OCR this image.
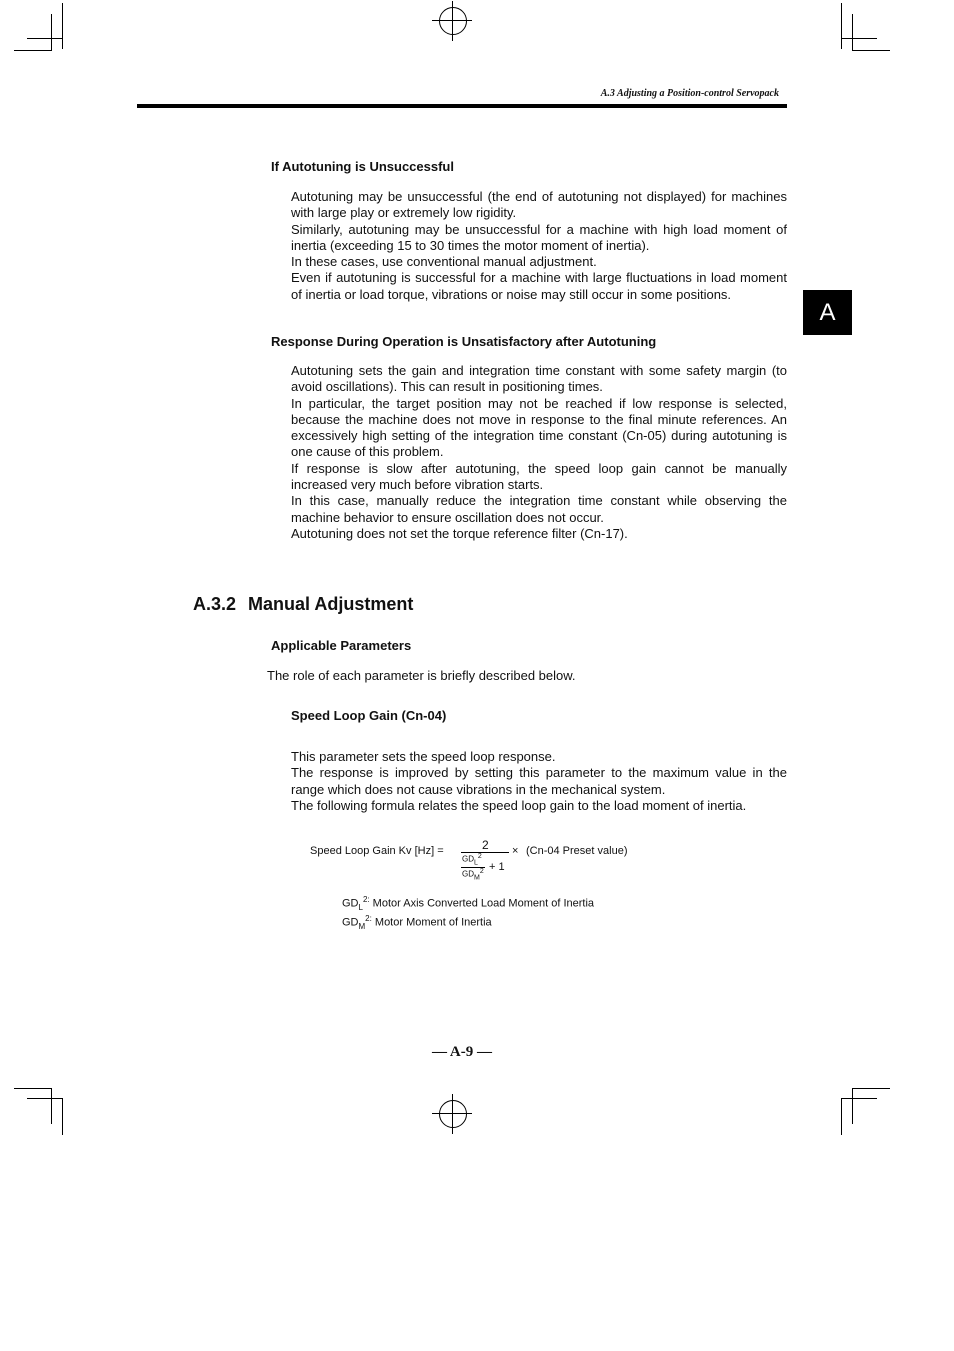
A.3 Adjusting a Position-control Servopack
A
If Autotuning is Unsuccessful

Autotuning may be unsuccessful (the end of autotuning not displayed) for machines with large play or extremely low rigidity.

Similarly, autotuning may be unsuccessful for a machine with high load moment of inertia (exceeding 15 to 30 times the motor moment of inertia).

In these cases, use conventional manual adjustment.

Even if autotuning is successful for a machine with large fluctuations in load moment of inertia or load torque, vibrations or noise may still occur in some positions.

Response During Operation is Unsatisfactory after Autotuning

Autotuning sets the gain and integration time constant with some safety margin (to avoid oscillations). This can result in positioning times.

In particular, the target position may not be reached if low response is selected, because the machine does not move in response to the final minute references. An excessively high setting of the integration time constant (Cn-05) during autotuning is one cause of this problem.

If response is slow after autotuning, the speed loop gain cannot be manually increased very much before vibration starts.

In this case, manually reduce the integration time constant while observing the machine behavior to ensure oscillation does not occur.

Autotuning does not set the torque reference filter (Cn-17).

A.3.2 Manual Adjustment
Applicable Parameters
The role of each parameter is briefly described below.
Speed Loop Gain (Cn-04)

This parameter sets the speed loop response.

The response is improved by setting this parameter to the maximum value in the range which does not cause vibrations in the mechanical system.

The following formula relates the speed loop gain to the load moment of inertia.

Speed Loop Gain Kv [Hz] =	2
$GD_L^2$
$GD_M^2 + 1$
× (Cn-04 Preset value)
$GD_L^{2:}$ Motor Axis Converted Load Moment of Inertia
$GD_M^{2:}$ Motor Moment of Inertia
— A-9 —
